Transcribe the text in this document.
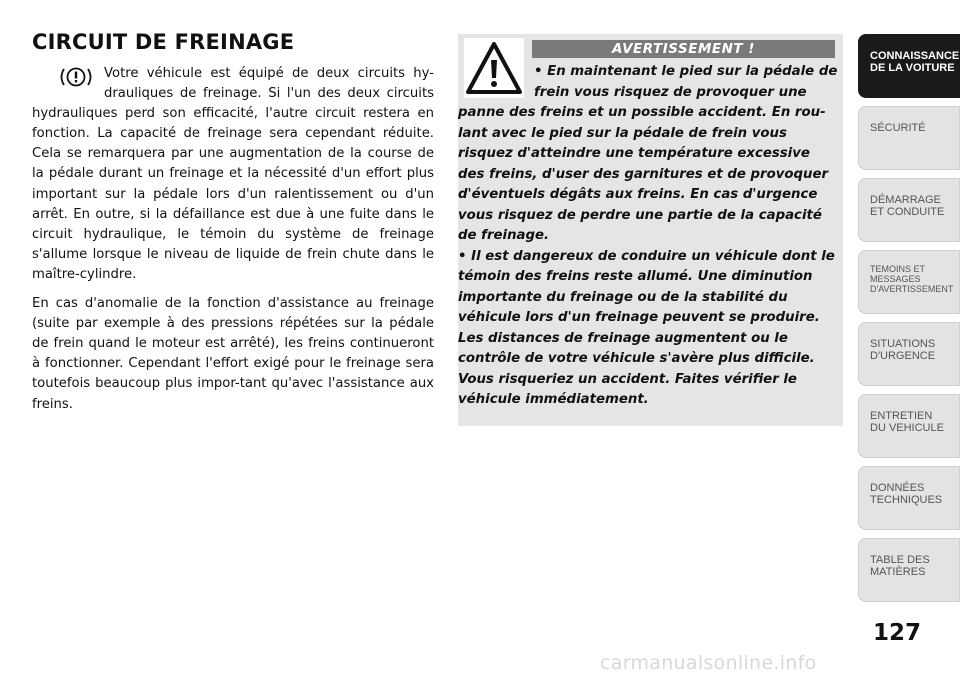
CIRCUIT DE FREINAGE

Votre véhicule est équipé de deux circuits hy-drauliques de freinage. Si l'un des deux circuits hydrauliques perd son efficacité, l'autre circuit restera en fonction. La capacité de freinage sera cependant réduite. Cela se remarquera par une augmentation de la course de la pédale durant un freinage et la nécessité d'un effort plus important sur la pédale lors d'un ralentissement ou d'un arrêt. En outre, si la défaillance est due à une fuite dans le circuit hydraulique, le témoin du système de freinage s'allume lorsque le niveau de liquide de frein chute dans le maître-cylindre.

En cas d'anomalie de la fonction d'assistance au freinage (suite par exemple à des pressions répétées sur la pédale de frein quand le moteur est arrêté), les freins continueront à fonctionner. Cependant l'effort exigé pour le freinage sera toutefois beaucoup plus impor-tant qu'avec l'assistance aux freins.

AVERTISSEMENT !
• En maintenant le pied sur la pédale de
frein vous risquez de provoquer une
panne des freins et un possible accident. En rou-
lant avec le pied sur la pédale de frein vous
risquez d'atteindre une température excessive
des freins, d'user des garnitures et de provoquer
d'éventuels dégâts aux freins. En cas d'urgence
vous risquez de perdre une partie de la capacité
de freinage.
• Il est dangereux de conduire un véhicule dont le
témoin des freins reste allumé. Une diminution
importante du freinage ou de la stabilité du
véhicule lors d'un freinage peuvent se produire.
Les distances de freinage augmentent ou le
contrôle de votre véhicule s'avère plus difficile.
Vous risqueriez un accident. Faites vérifier le
véhicule immédiatement.
CONNAISSANCE
DE LA VOITURE
SÉCURITÉ
DÉMARRAGE
ET CONDUITE
TEMOINS ET
MESSAGES
D'AVERTISSEMENT
SITUATIONS
D'URGENCE
ENTRETIEN
DU VEHICULE
DONNÉES
TECHNIQUES
TABLE DES
MATIÈRES
127
carmanualsonline.info
